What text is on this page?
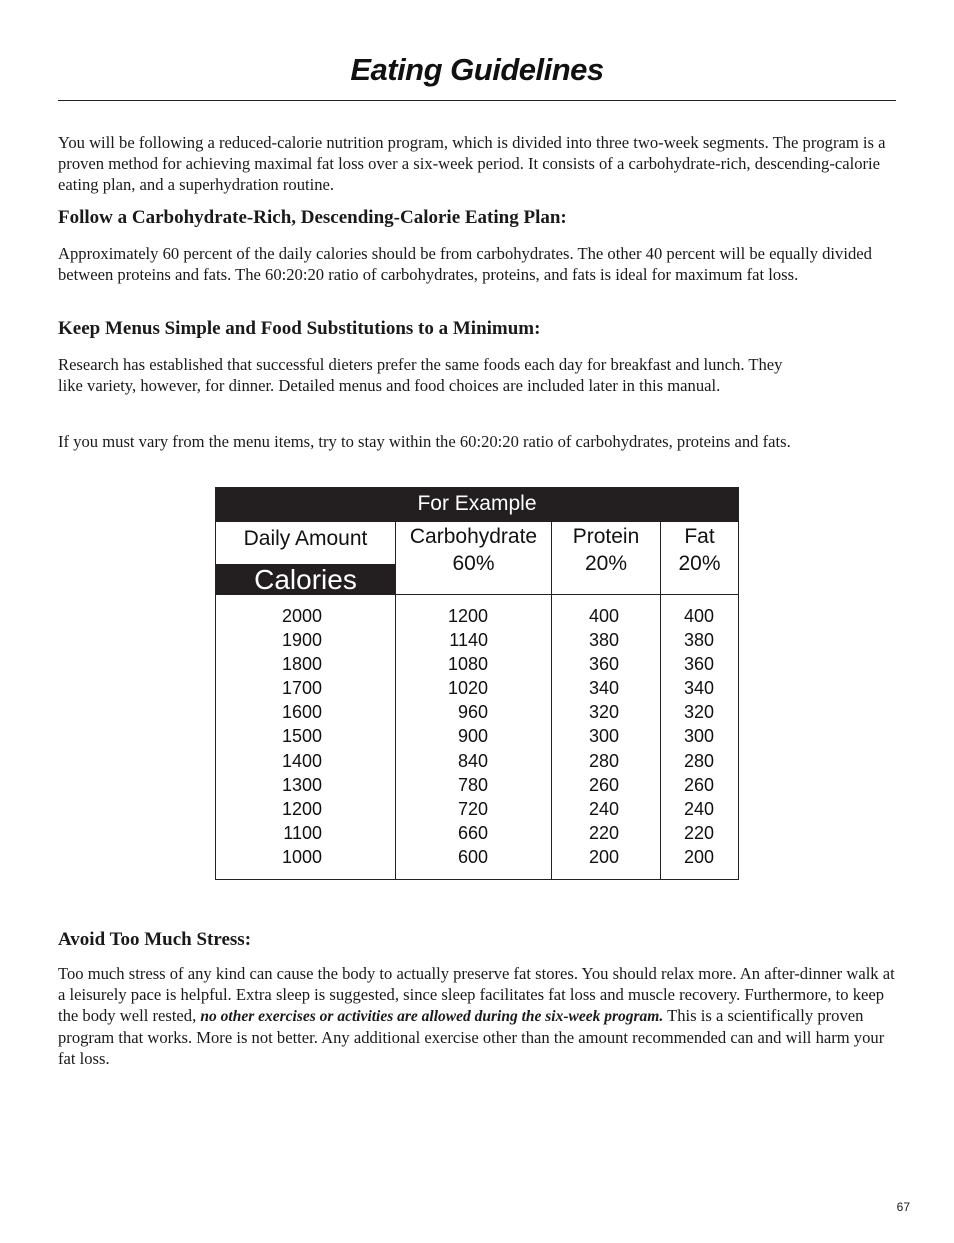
Eating Guidelines

You will be following a reduced-calorie nutrition program, which is divided into three two-week segments. The program is a proven method for achieving maximal fat loss over a six-week period. It consists of a carbohydrate-rich, descending-calorie eating plan, and a superhydration routine.

Follow a Carbohydrate-Rich, Descending-Calorie Eating Plan:

Approximately 60 percent of the daily calories should be from carbohydrates. The other 40 percent will be equally divided between proteins and fats. The 60:20:20 ratio of carbohydrates, proteins, and fats is ideal for maximum fat loss.

Keep Menus Simple and Food Substitutions to a Minimum:

Research has established that successful dieters prefer the same foods each day for breakfast and lunch. They
like variety, however, for dinner. Detailed menus and food choices are included later in this manual.

If you must vary from the menu items, try to stay within the 60:20:20 ratio of carbohydrates, proteins and fats.

For Example
Daily Amount
Calories
Carbohydrate
60%
Protein
20%
Fat
20%
2000
1900
1800
1700
1600
1500
1400
1300
1200
1100
1000
1200
1140
1080
1020
960
900
840
780
720
660
600
400
380
360
340
320
300
280
260
240
220
200
400
380
360
340
320
300
280
260
240
220
200

Avoid Too Much Stress:

Too much stress of any kind can cause the body to actually preserve fat stores. You should relax more. An after-dinner walk at a leisurely pace is helpful. Extra sleep is suggested, since sleep facilitates fat loss and muscle recovery. Furthermore, to keep the body well rested, no other exercises or activities are allowed during the six-week program. This is a scientifically proven program that works. More is not better. Any additional exercise other than the amount recommended can and will harm your fat loss.

67
